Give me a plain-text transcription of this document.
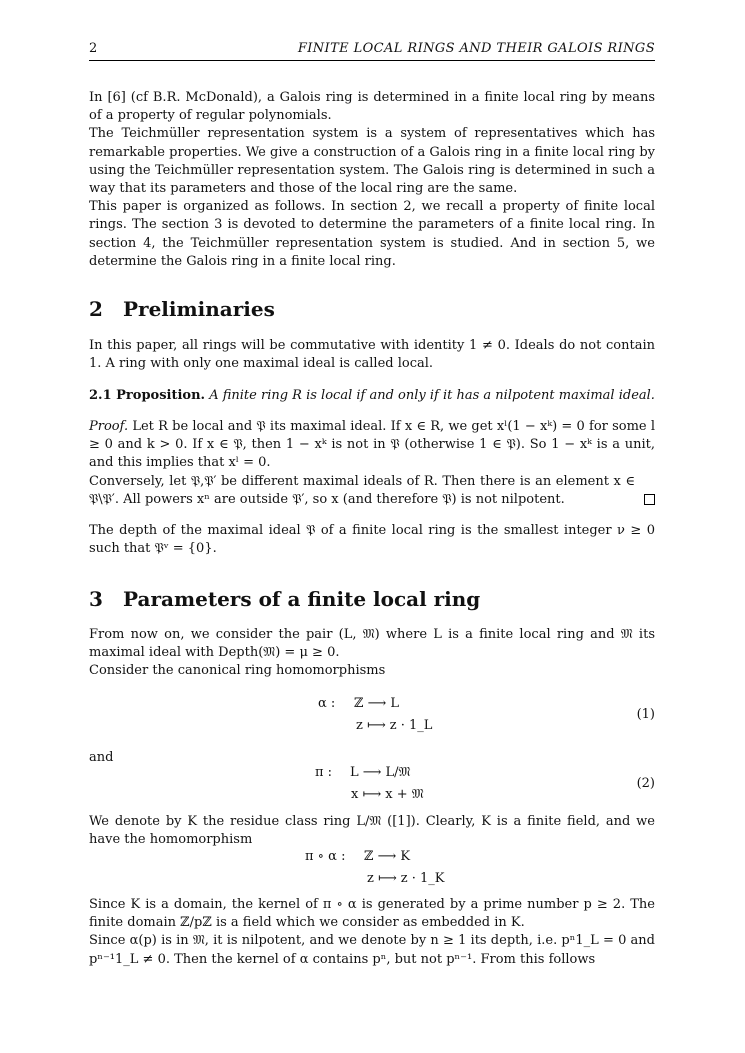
2	FINITE LOCAL RINGS AND THEIR GALOIS RINGS

In [6] (cf B.R. McDonald), a Galois ring is determined in a finite local ring by means of a property of regular polynomials.

The Teichmüller representation system is a system of representatives which has remarkable properties. We give a construction of a Galois ring in a finite local ring by using the Teichmüller representation system. The Galois ring is determined in such a way that its parameters and those of the local ring are the same.

This paper is organized as follows. In section 2, we recall a property of finite local rings. The section 3 is devoted to determine the parameters of a finite local ring. In section 4, the Teichmüller representation system is studied. And in section 5, we determine the Galois ring in a finite local ring.

2 Preliminaries

In this paper, all rings will be commutative with identity 1 ≠ 0. Ideals do not contain 1. A ring with only one maximal ideal is called local.

2.1 Proposition. A finite ring R is local if and only if it has a nilpotent maximal ideal.

Proof. Let R be local and 𝔓 its maximal ideal. If x ∈ R, we get xˡ(1 − xᵏ) = 0 for some l ≥ 0 and k > 0. If x ∈ 𝔓, then 1 − xᵏ is not in 𝔓 (otherwise 1 ∈ 𝔓). So 1 − xᵏ is a unit, and this implies that xˡ = 0.

Conversely, let 𝔓,𝔓′ be different maximal ideals of R. Then there is an element x ∈ 𝔓\𝔓′. All powers xⁿ are outside 𝔓′, so x (and therefore 𝔓) is not nilpotent.

The depth of the maximal ideal 𝔓 of a finite local ring is the smallest integer ν ≥ 0 such that 𝔓ᵛ = {0}.

3 Parameters of a finite local ring

From now on, we consider the pair (L, 𝔐) where L is a finite local ring and 𝔐 its maximal ideal with Depth(𝔐) = μ ≥ 0.

Consider the canonical ring homomorphisms

α : ℤ ⟶ L
z ⟼ z · 1_L
(1)

and

π : L ⟶ L/𝔐
x ⟼ x + 𝔐
(2)

We denote by K the residue class ring L/𝔐 ([1]). Clearly, K is a finite field, and we have the homomorphism

π ∘ α : ℤ ⟶ K
z ⟼ z · 1_K

Since K is a domain, the kernel of π ∘ α is generated by a prime number p ≥ 2. The finite domain ℤ/pℤ is a field which we consider as embedded in K.

Since α(p) is in 𝔐, it is nilpotent, and we denote by n ≥ 1 its depth, i.e. pⁿ1_L = 0 and pⁿ⁻¹1_L ≠ 0. Then the kernel of α contains pⁿ, but not pⁿ⁻¹. From this follows
